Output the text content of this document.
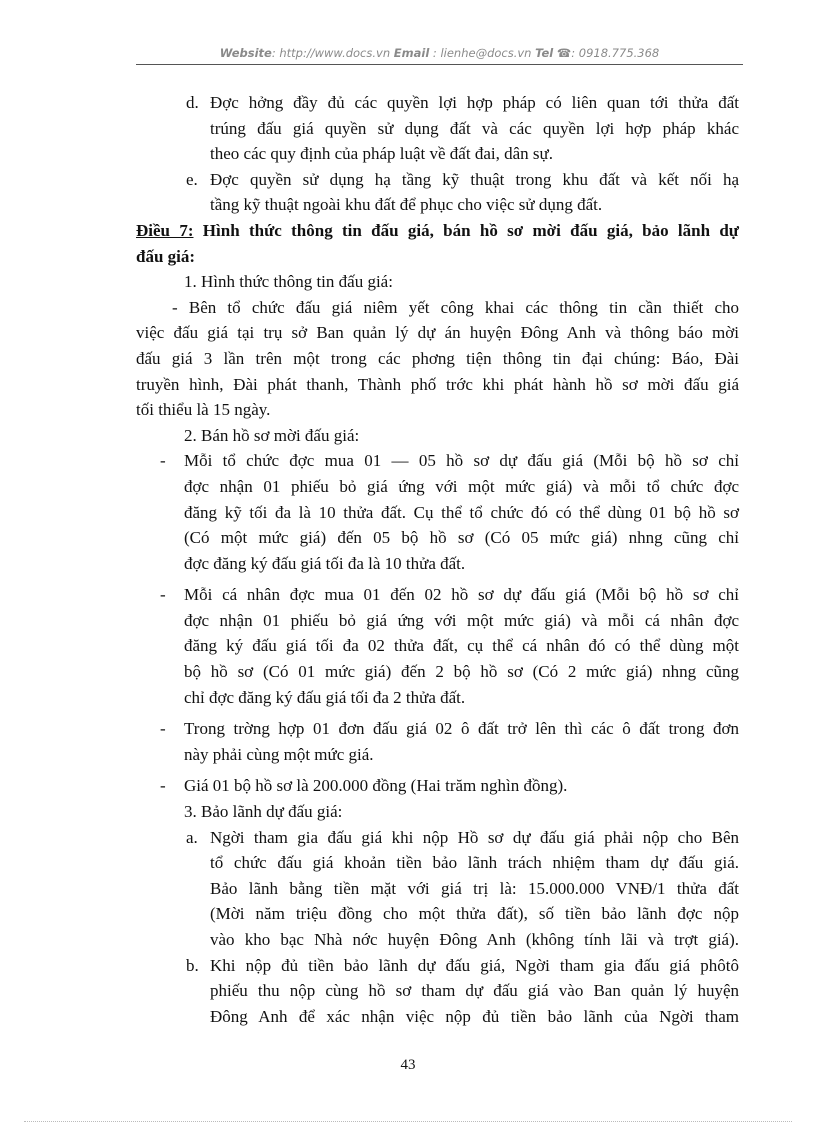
Website: http://www.docs.vn Email : lienhe@docs.vn Tel ☎: 0918.775.368
d. Đợc hởng đầy đủ các quyền lợi hợp pháp có liên quan tới thửa đất
trúng đấu giá quyền sử dụng đất và các quyền lợi hợp pháp khác
theo các quy định của pháp luật về đất đai, dân sự.
e. Đợc quyền sử dụng hạ tầng kỹ thuật trong khu đất và kết nối hạ
tầng kỹ thuật ngoài khu đất để phục cho việc sử dụng đất.
Điều 7: Hình thức thông tin đấu giá, bán hồ sơ mời đấu giá, bảo lãnh dự
đấu giá:
1. Hình thức thông tin đấu giá:
- Bên tổ chức đấu giá niêm yết công khai các thông tin cần thiết cho
việc đấu giá tại trụ sở Ban quản lý dự án huyện Đông Anh và thông báo mời
đấu giá 3 lần trên một trong các phơng tiện thông tin đại chúng: Báo, Đài
truyền hình, Đài phát thanh, Thành phố trớc khi phát hành hồ sơ mời đấu giá
tối thiểu là 15 ngày.
2. Bán hồ sơ mời đấu giá:
- Mỗi tổ chức đợc mua 01 — 05 hồ sơ dự đấu giá (Mỗi bộ hồ sơ chỉ
đợc nhận 01 phiếu bỏ giá ứng với một mức giá) và mỗi tổ chức đợc
đăng kỹ tối đa là 10 thửa đất. Cụ thể tổ chức đó có thể dùng 01 bộ hồ sơ
(Có một mức giá) đến 05 bộ hồ sơ (Có 05 mức giá) nhng cũng chỉ
đợc đăng ký đấu giá tối đa là 10 thửa đất.
- Mỗi cá nhân đợc mua 01 đến 02 hồ sơ dự đấu giá (Mỗi bộ hồ sơ chỉ
đợc nhận 01 phiếu bỏ giá ứng với một mức giá) và mỗi cá nhân đợc
đăng ký đấu giá tối đa 02 thửa đất, cụ thể cá nhân đó có thể dùng một
bộ hồ sơ (Có 01 mức giá) đến 2 bộ hồ sơ (Có 2 mức giá) nhng cũng
chỉ đợc đăng ký đấu giá tối đa 2 thửa đất.
- Trong trờng hợp 01 đơn đấu giá 02 ô đất trở lên thì các ô đất trong đơn
này phải cùng một mức giá.
- Giá 01 bộ hồ sơ là 200.000 đồng (Hai trăm nghìn đồng).
3. Bảo lãnh dự đấu giá:
a. Ngời tham gia đấu giá khi nộp Hồ sơ dự đấu giá phải nộp cho Bên
tổ chức đấu giá khoản tiền bảo lãnh trách nhiệm tham dự đấu giá.
Bảo lãnh bằng tiền mặt với giá trị là: 15.000.000 VNĐ/1 thửa đất
(Mời năm triệu đồng cho một thửa đất), số tiền bảo lãnh đợc nộp
vào kho bạc Nhà nớc huyện Đông Anh (không tính lãi và trợt giá).
b. Khi nộp đủ tiền bảo lãnh dự đấu giá, Ngời tham gia đấu giá phôtô
phiếu thu nộp cùng hồ sơ tham dự đấu giá vào Ban quản lý huyện
Đông Anh để xác nhận việc nộp đủ tiền bảo lãnh của Ngời tham
43
